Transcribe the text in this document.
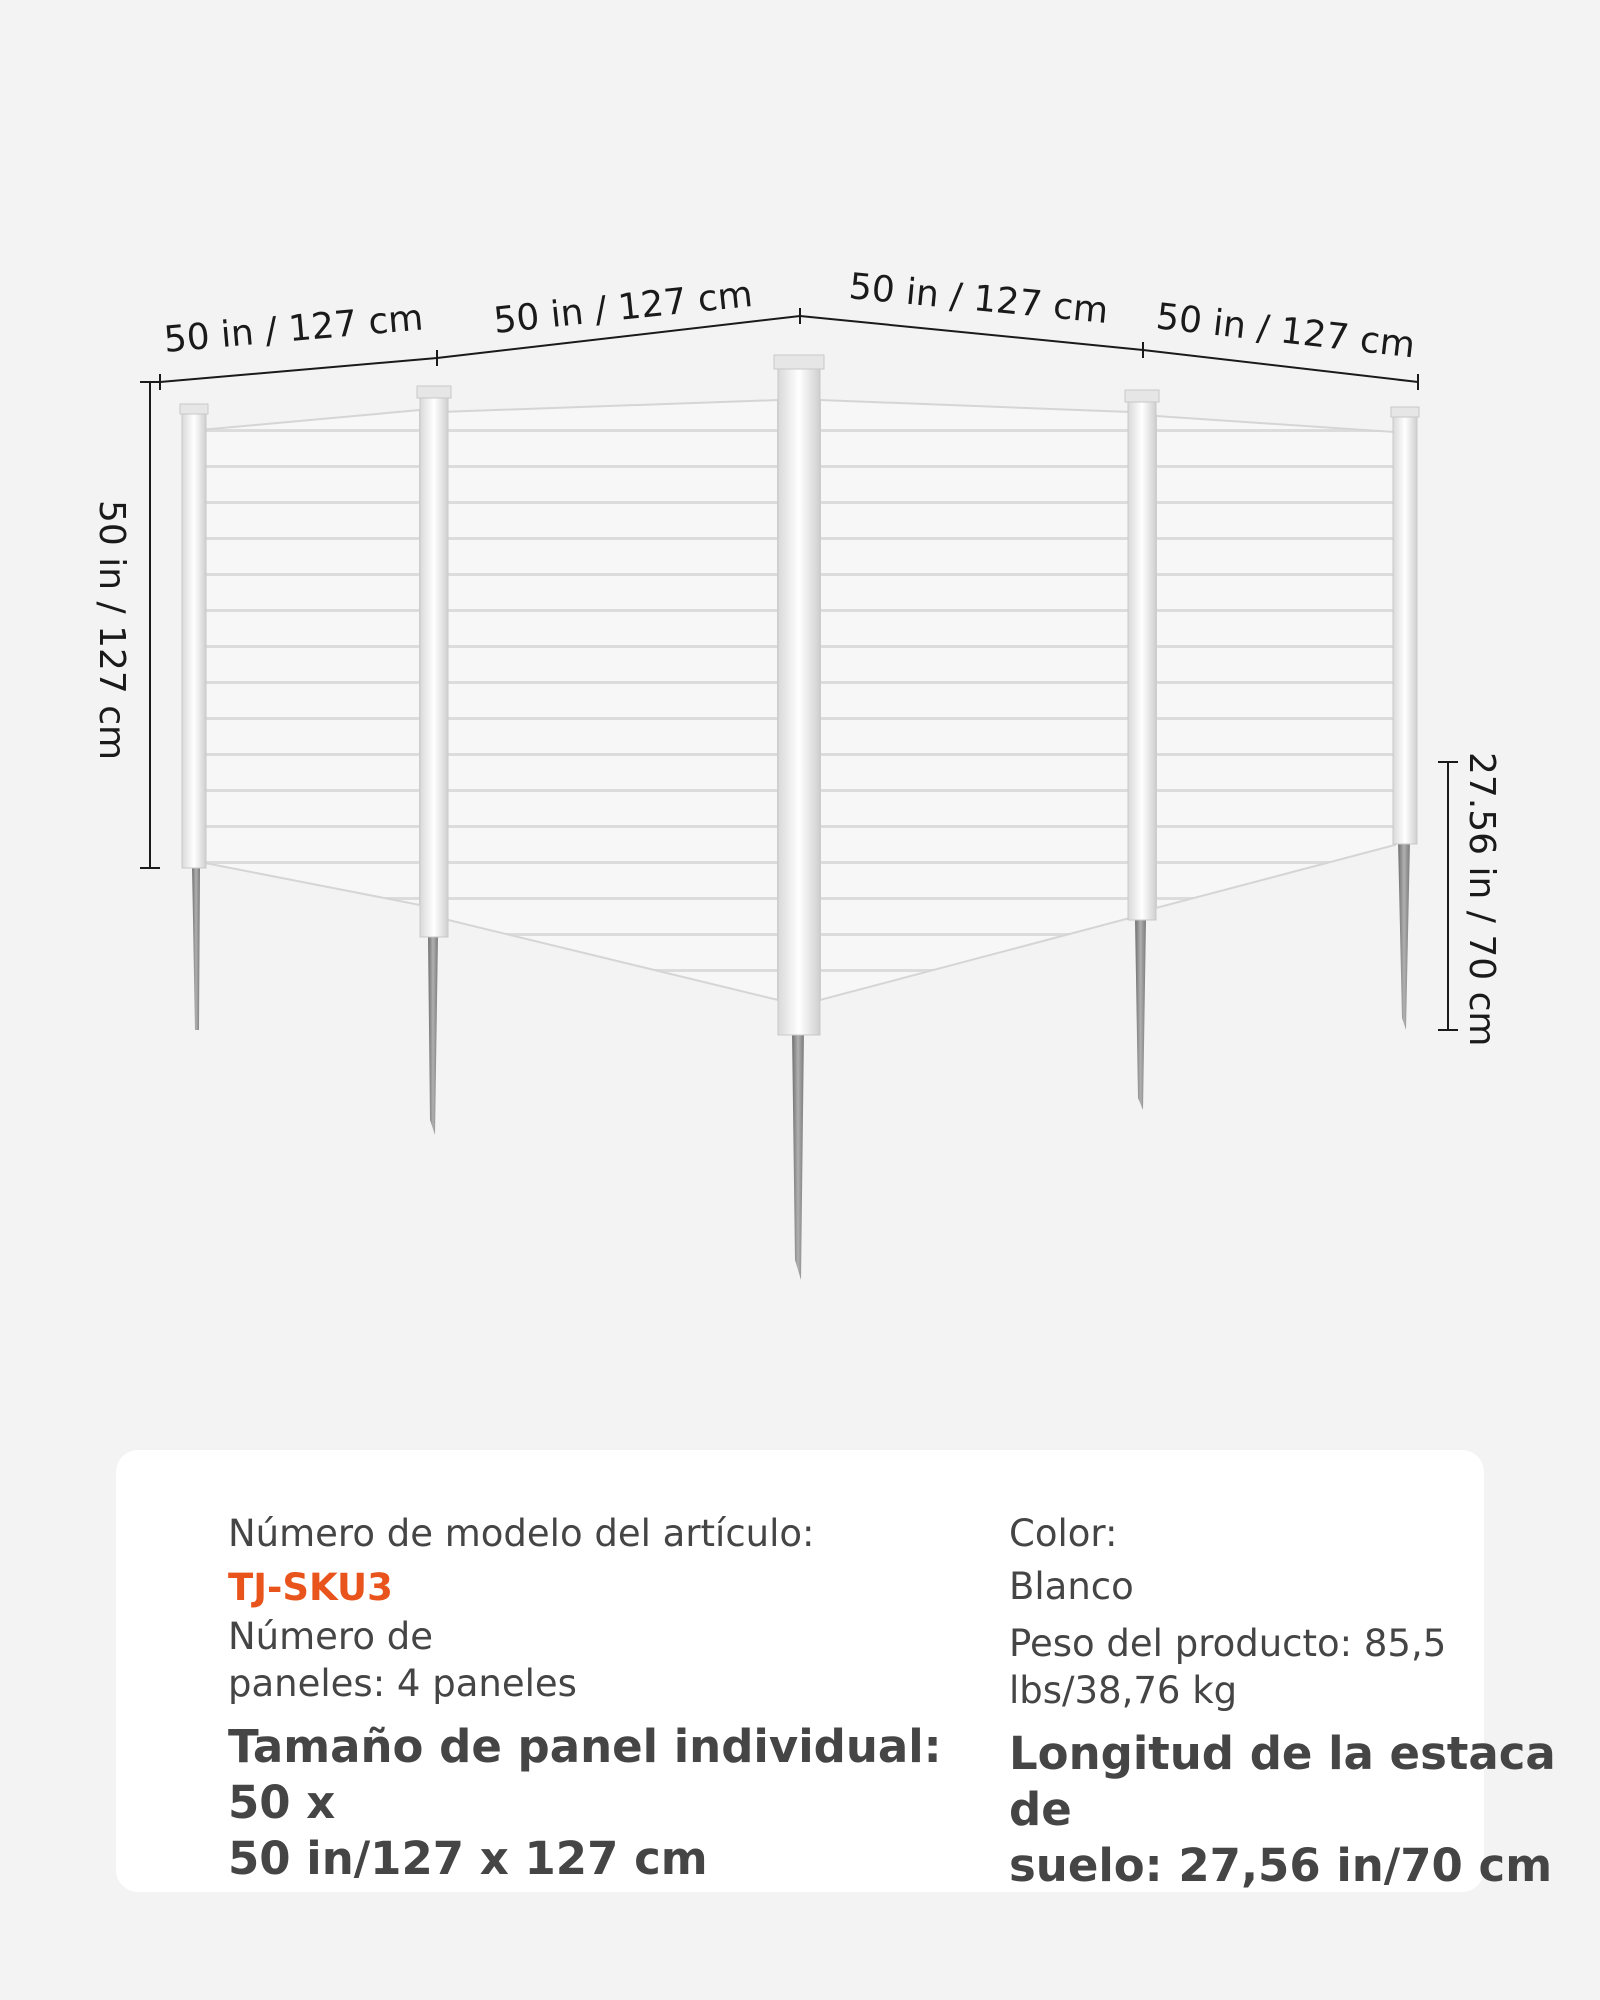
50 in / 127 cm 50 in / 127 cm	50 in / 127 cm 50 in / 127 cm
50 in / 127 cm
27.56 in / 70 cm

Número de modelo del artículo:

TJ-SKU3

Número de

paneles: 4 paneles

Tamaño de panel individual: 50 x

50 in/127 x 127 cm

Color:

Blanco

Peso del producto: 85,5

lbs/38,76 kg

Longitud de la estaca de

suelo: 27,56 in/70 cm
